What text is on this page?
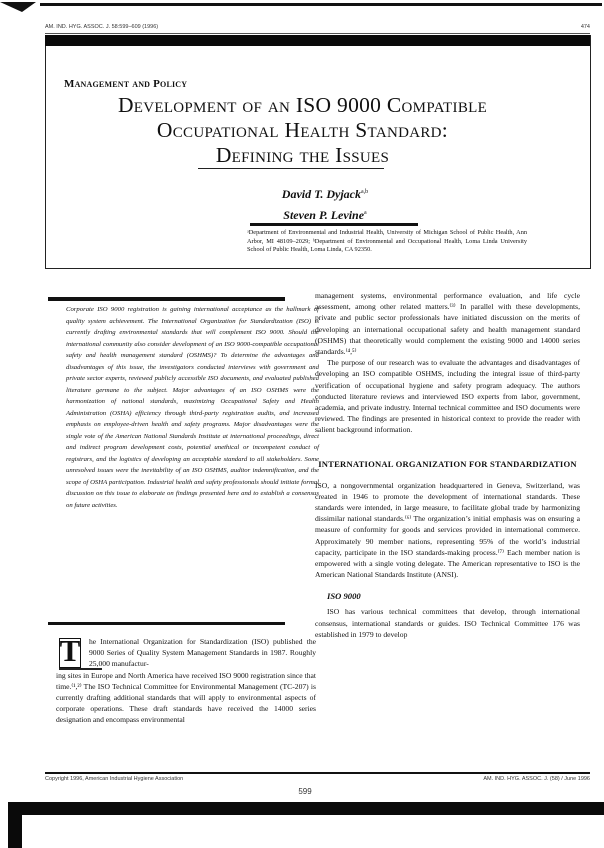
AM. IND. HYG. ASSOC. J. 58:599–609 (1996)	474
Management and Policy
Development of an ISO 9000 Compatible
Occupational Health Standard:
Defining the Issues
David T. Dyjack$^{a,b}$
Steven P. Levine$^a$
ᵃDepartment of Environmental and Industrial Health, University of Michigan School of Public Health, Ann Arbor, MI 48109–2029; ᵇDepartment of Environmental and Occupational Health, Loma Linda University School of Public Health, Loma Linda, CA 92350.
Corporate ISO 9000 registration is gaining international acceptance as the hallmark of quality system achievement. The International Organization for Standardization (ISO) is currently drafting environmental standards that will complement ISO 9000. Should the international community also consider development of an ISO 9000-compatible occupational safety and health management standard (OSHMS)? To determine the advantages and disadvantages of this issue, the investigators conducted interviews with government and private sector experts, reviewed publicly accessible ISO documents, and evaluated published literature germane to the subject. Major advantages of an ISO OSHMS were the harmonization of national standards, maximizing Occupational Safety and Health Administration (OSHA) efficiency through third-party registration audits, and increased emphasis on employee-driven health and safety programs. Major disadvantages were the single vote of the American National Standards Institute at international proceedings, direct and indirect program development costs, potential unethical or incompetent conduct of registrars, and the logistics of developing an acceptable standard to all stakeholders. Some unresolved issues were the inevitability of an ISO OSHMS, auditor indemnification, and the scope of OSHA participation. Industrial health and safety professionals should initiate formal discussion on this issue to elaborate on findings presented here and to establish a consensus on future activities.
T he International Organization for Standardization (ISO) published the 9000 Series of Quality System Management Standards in 1987. Roughly 25,000 manufactur-
ing sites in Europe and North America have received ISO 9000 registration since that time.⁽¹,²⁾ The ISO Technical Committee for Environmental Management (TC-207) is currently drafting additional standards that will apply to environmental aspects of corporate operations. These draft standards have received the 14000 series designation and encompass environmental

management systems, environmental performance evaluation, and life cycle assessment, among other related matters.⁽³⁾ In parallel with these developments, private and public sector professionals have initiated discussion on the merits of developing an international occupational safety and health management standard (OSHMS) that theoretically would complement the existing 9000 and 14000 series standards.⁽⁴,⁵⁾

The purpose of our research was to evaluate the advantages and disadvantages of developing an ISO compatible OSHMS, including the integral issue of third-party verification of occupational hygiene and safety program adequacy. The authors conducted literature reviews and interviewed ISO experts from labor, government, academia, and private industry. Internal technical committee and ISO documents were reviewed. The findings are presented in historical context to provide the reader with salient background information.

INTERNATIONAL ORGANIZATION FOR STANDARDIZATION

ISO, a nongovernmental organization headquartered in Geneva, Switzerland, was created in 1946 to promote the development of international standards. These standards were intended, in large measure, to facilitate global trade by harmonizing dissimilar national standards.⁽⁶⁾ The organization’s initial emphasis was on ensuring a measure of conformity for goods and services provided in international commerce. Approximately 90 member nations, representing 95% of the world’s industrial capacity, participate in the ISO standards-making process.⁽⁷⁾ Each member nation is empowered with a single voting delegate. The American representative to ISO is the American National Standards Institute (ANSI).

ISO 9000

ISO has various technical committees that develop, through international consensus, international standards or guides. ISO Technical Committee 176 was established in 1979 to develop

Copyright 1996, American Industrial Hygiene Association	AM. IND. HYG. ASSOC. J. (58) / June 1996
599
